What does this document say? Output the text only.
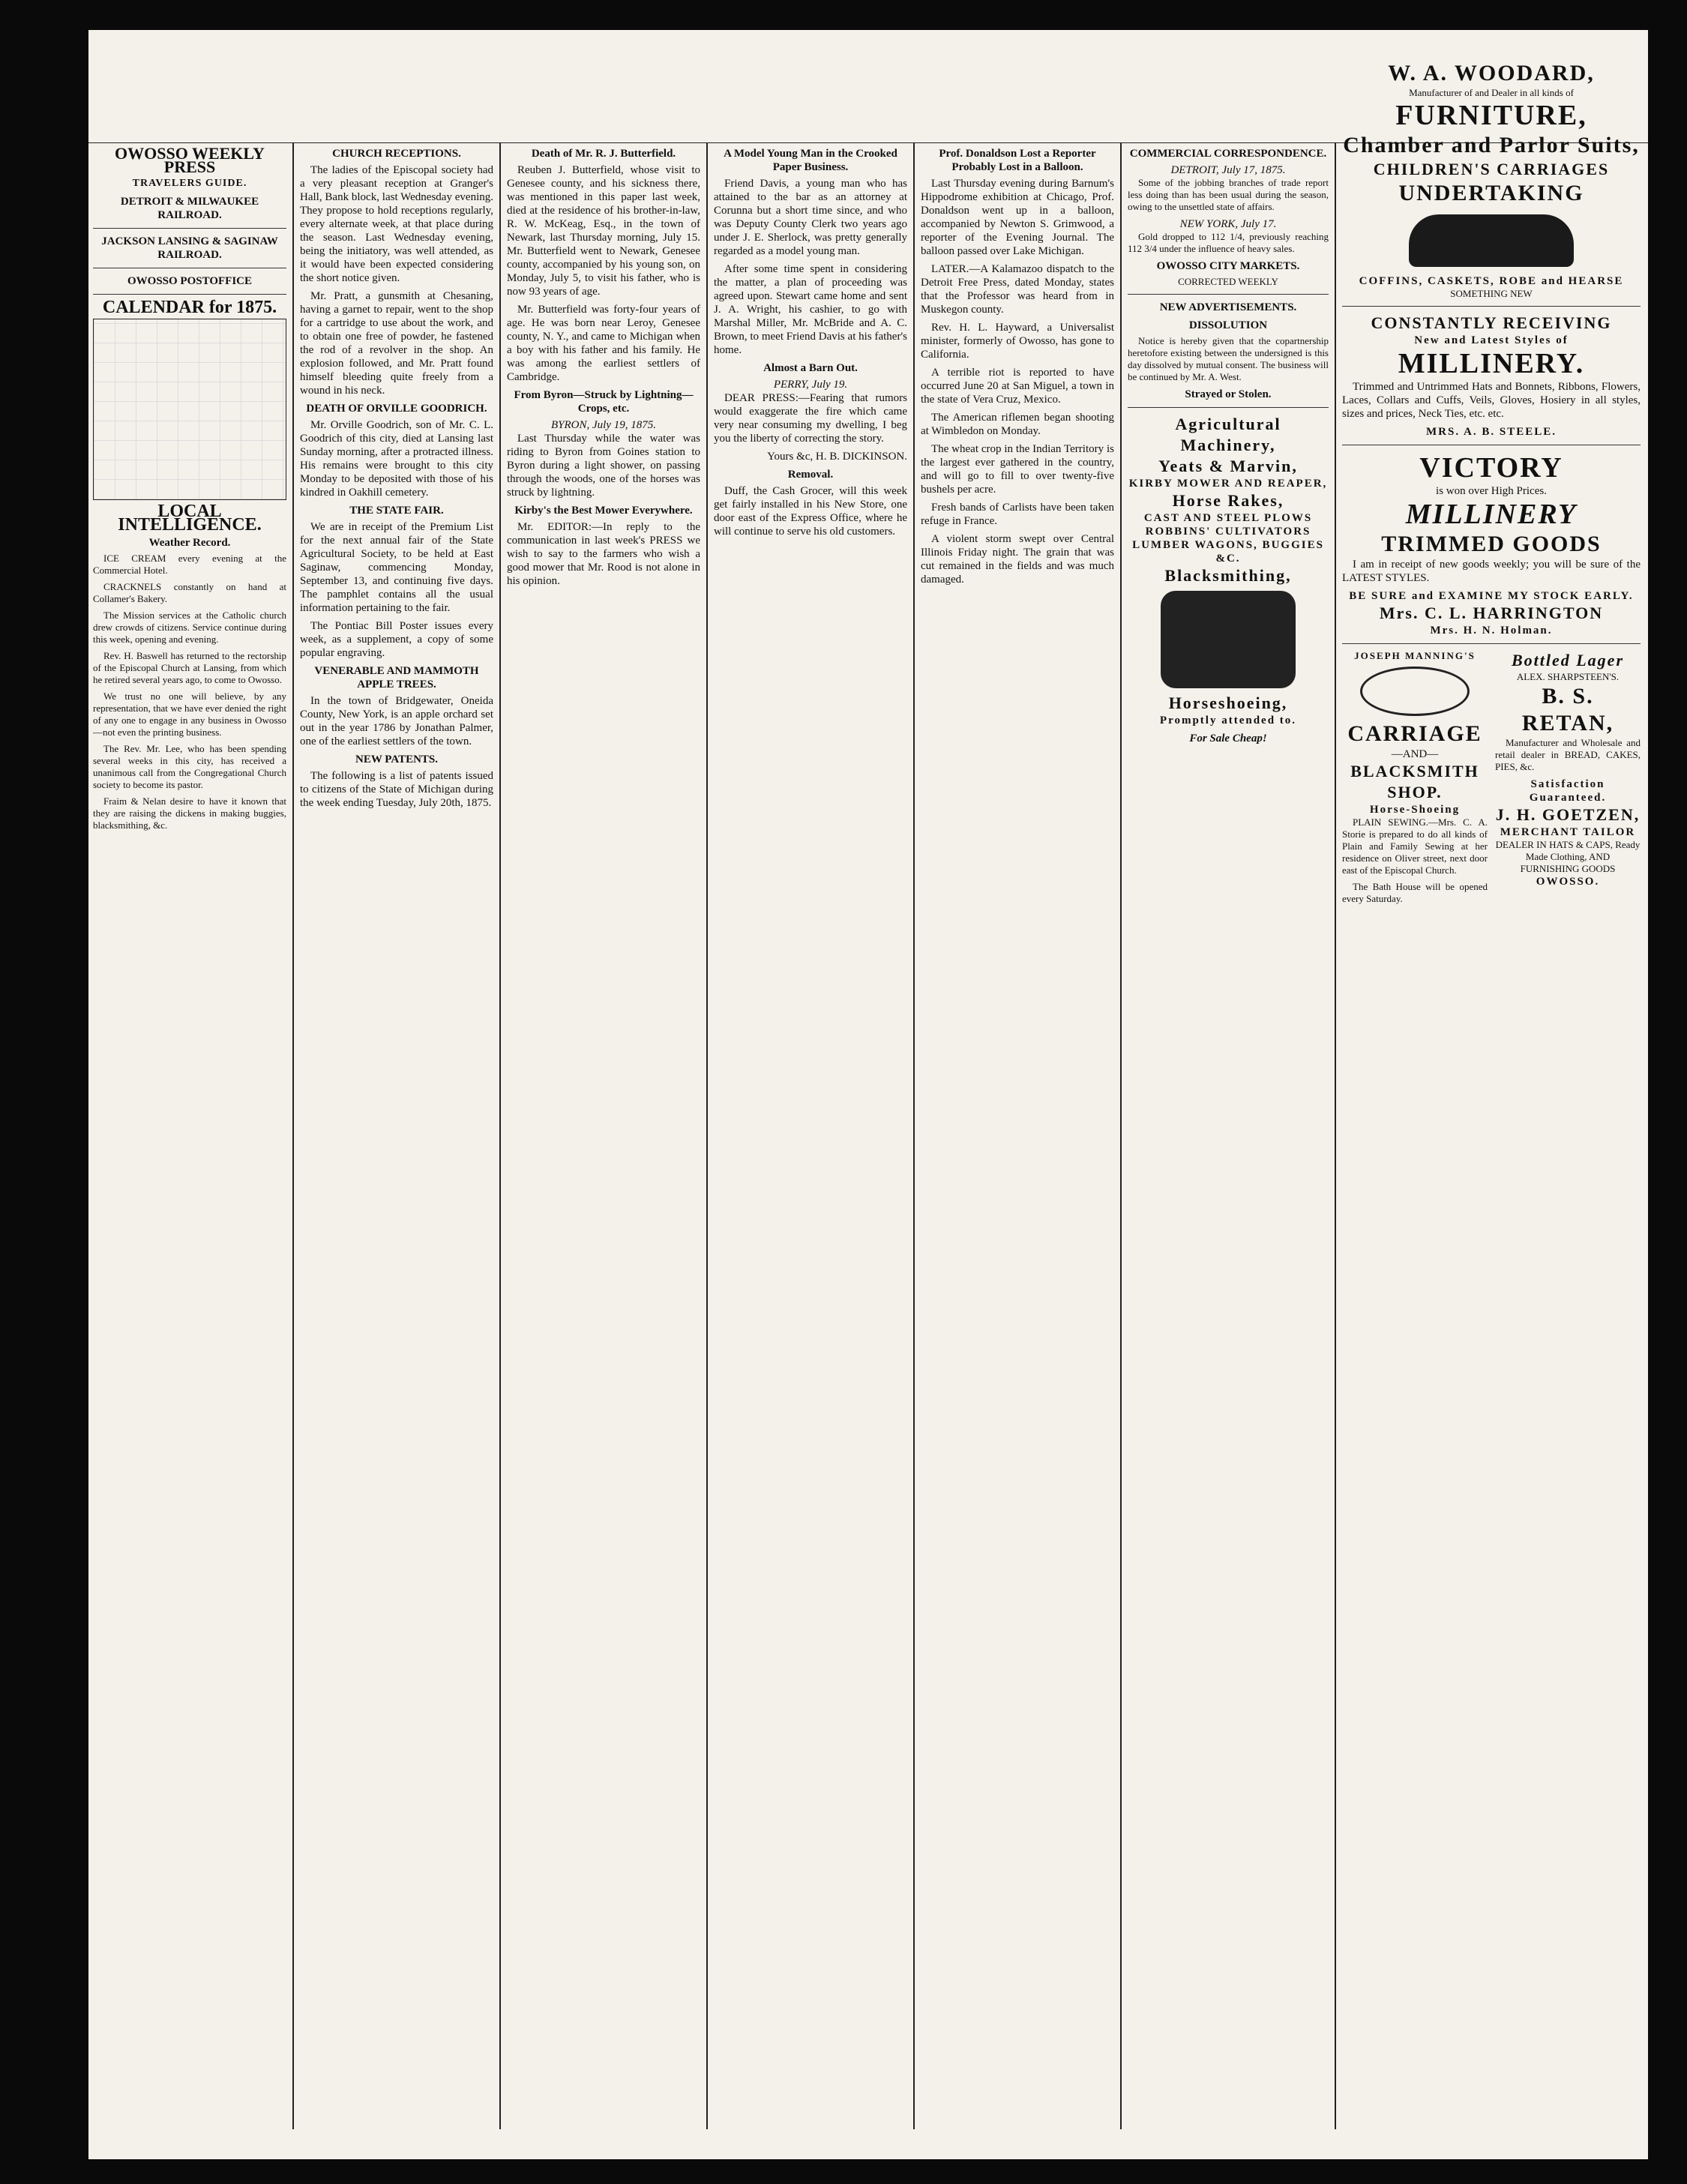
OWOSSO WEEKLY PRESS
TRAVELERS GUIDE.
DETROIT & MILWAUKEE RAILROAD.
JACKSON LANSING & SAGINAW RAILROAD.
OWOSSO POSTOFFICE
CALENDAR for 1875.
LOCAL INTELLIGENCE.
Weather Record.
ICE CREAM every evening at the Commercial Hotel.
CRACKNELS constantly on hand at Collamer's Bakery.
The Mission services at the Catholic church drew crowds of citizens. Service continue during this week, opening and evening.
Rev. H. Baswell has returned to the rectorship of the Episcopal Church at Lansing, from which he retired several years ago, to come to Owosso.
We trust no one will believe, by any representation, that we have ever denied the right of any one to engage in any business in Owosso—not even the printing business.
The Rev. Mr. Lee, who has been spending several weeks in this city, has received a unanimous call from the Congregational Church society to become its pastor.
Fraim & Nelan desire to have it known that they are raising the dickens in making buggies, blacksmithing, &c.
CHURCH RECEPTIONS.
The ladies of the Episcopal society had a very pleasant reception at Granger's Hall, Bank block, last Wednesday evening. They propose to hold receptions regularly, every alternate week, at that place during the season. Last Wednesday evening, being the initiatory, was well attended, as it would have been expected considering the short notice given.
Mr. Pratt, a gunsmith at Chesaning, having a garnet to repair, went to the shop for a cartridge to use about the work, and to obtain one free of powder, he fastened the rod of a revolver in the shop. An explosion followed, and Mr. Pratt found himself bleeding quite freely from a wound in his neck.
DEATH OF ORVILLE GOODRICH.
Mr. Orville Goodrich, son of Mr. C. L. Goodrich of this city, died at Lansing last Sunday morning, after a protracted illness. His remains were brought to this city Monday to be deposited with those of his kindred in Oakhill cemetery.
THE STATE FAIR.
We are in receipt of the Premium List for the next annual fair of the State Agricultural Society, to be held at East Saginaw, commencing Monday, September 13, and continuing five days. The pamphlet contains all the usual information pertaining to the fair.
The Pontiac Bill Poster issues every week, as a supplement, a copy of some popular engraving.
VENERABLE AND MAMMOTH APPLE TREES.
In the town of Bridgewater, Oneida County, New York, is an apple orchard set out in the year 1786 by Jonathan Palmer, one of the earliest settlers of the town.
NEW PATENTS.
The following is a list of patents issued to citizens of the State of Michigan during the week ending Tuesday, July 20th, 1875.
Death of Mr. R. J. Butterfield.
Reuben J. Butterfield, whose visit to Genesee county, and his sickness there, was mentioned in this paper last week, died at the residence of his brother-in-law, R. W. McKeag, Esq., in the town of Newark, last Thursday morning, July 15. Mr. Butterfield went to Newark, Genesee county, accompanied by his young son, on Monday, July 5, to visit his father, who is now 93 years of age.
Mr. Butterfield was forty-four years of age. He was born near Leroy, Genesee county, N. Y., and came to Michigan when a boy with his father and his family. He was among the earliest settlers of Cambridge.
From Byron—Struck by Lightning—Crops, etc.
BYRON, July 19, 1875.
Last Thursday while the water was riding to Byron from Goines station to Byron during a light shower, on passing through the woods, one of the horses was struck by lightning.
Kirby's the Best Mower Everywhere.
Mr. EDITOR:—In reply to the communication in last week's PRESS we wish to say to the farmers who wish a good mower that Mr. Rood is not alone in his opinion.
A Model Young Man in the Crooked Paper Business.
Friend Davis, a young man who has attained to the bar as an attorney at Corunna but a short time since, and who was Deputy County Clerk two years ago under J. E. Sherlock, was pretty generally regarded as a model young man.
After some time spent in considering the matter, a plan of proceeding was agreed upon. Stewart came home and sent J. A. Wright, his cashier, to go with Marshal Miller, Mr. McBride and A. C. Brown, to meet Friend Davis at his father's home.
Almost a Barn Out.
PERRY, July 19.
DEAR PRESS:—Fearing that rumors would exaggerate the fire which came very near consuming my dwelling, I beg you the liberty of correcting the story.
Yours &c, H. B. DICKINSON.
Removal.
Duff, the Cash Grocer, will this week get fairly installed in his New Store, one door east of the Express Office, where he will continue to serve his old customers.
Prof. Donaldson Lost a Reporter Probably Lost in a Balloon.
Last Thursday evening during Barnum's Hippodrome exhibition at Chicago, Prof. Donaldson went up in a balloon, accompanied by Newton S. Grimwood, a reporter of the Evening Journal. The balloon passed over Lake Michigan.
LATER.—A Kalamazoo dispatch to the Detroit Free Press, dated Monday, states that the Professor was heard from in Muskegon county.
Rev. H. L. Hayward, a Universalist minister, formerly of Owosso, has gone to California.
A terrible riot is reported to have occurred June 20 at San Miguel, a town in the state of Vera Cruz, Mexico.
The American riflemen began shooting at Wimbledon on Monday.
The wheat crop in the Indian Territory is the largest ever gathered in the country, and will go to fill to over twenty-five bushels per acre.
Fresh bands of Carlists have been taken refuge in France.
A violent storm swept over Central Illinois Friday night. The grain that was cut remained in the fields and was much damaged.
COMMERCIAL CORRESPONDENCE.
DETROIT, July 17, 1875.
Some of the jobbing branches of trade report less doing than has been usual during the season, owing to the unsettled state of affairs.
NEW YORK, July 17.
Gold dropped to 112 1/4, previously reaching 112 3/4 under the influence of heavy sales.
OWOSSO CITY MARKETS.
CORRECTED WEEKLY
NEW ADVERTISEMENTS.
DISSOLUTION
Notice is hereby given that the copartnership heretofore existing between the undersigned is this day dissolved by mutual consent. The business will be continued by Mr. A. West.
Strayed or Stolen.
Agricultural Machinery,
Yeats & Marvin,
KIRBY MOWER AND REAPER,
Horse Rakes,
CAST AND STEEL PLOWS
ROBBINS' CULTIVATORS
LUMBER WAGONS, BUGGIES &C.
Blacksmithing,
Horseshoeing,
Promptly attended to.
For Sale Cheap!
W. A. WOODARD,
Manufacturer of and Dealer in all kinds of
FURNITURE,
Chamber and Parlor Suits,
CHILDREN'S CARRIAGES
UNDERTAKING
COFFINS, CASKETS, ROBE and HEARSE
SOMETHING NEW
CONSTANTLY RECEIVING
New and Latest Styles of
MILLINERY.
Trimmed and Untrimmed Hats and Bonnets, Ribbons, Flowers, Laces, Collars and Cuffs, Veils, Gloves, Hosiery in all styles, sizes and prices, Neck Ties, etc. etc.
MRS. A. B. STEELE.
VICTORY
is won over High Prices.
MILLINERY
TRIMMED GOODS
I am in receipt of new goods weekly; you will be sure of the LATEST STYLES.
BE SURE and EXAMINE MY STOCK EARLY.
Mrs. C. L. HARRINGTON
Mrs. H. N. Holman.
JOSEPH MANNING'S
CARRIAGE
—AND—
BLACKSMITH SHOP.
Horse-Shoeing
PLAIN SEWING.—Mrs. C. A. Storie is prepared to do all kinds of Plain and Family Sewing at her residence on Oliver street, next door east of the Episcopal Church.
The Bath House will be opened every Saturday.
Bottled Lager
ALEX. SHARPSTEEN'S.
B. S. RETAN,
Manufacturer and Wholesale and retail dealer in BREAD, CAKES, PIES, &c.
Satisfaction Guaranteed.
J. H. GOETZEN,
MERCHANT TAILOR
DEALER IN HATS & CAPS, Ready Made Clothing, AND FURNISHING GOODS
OWOSSO.
